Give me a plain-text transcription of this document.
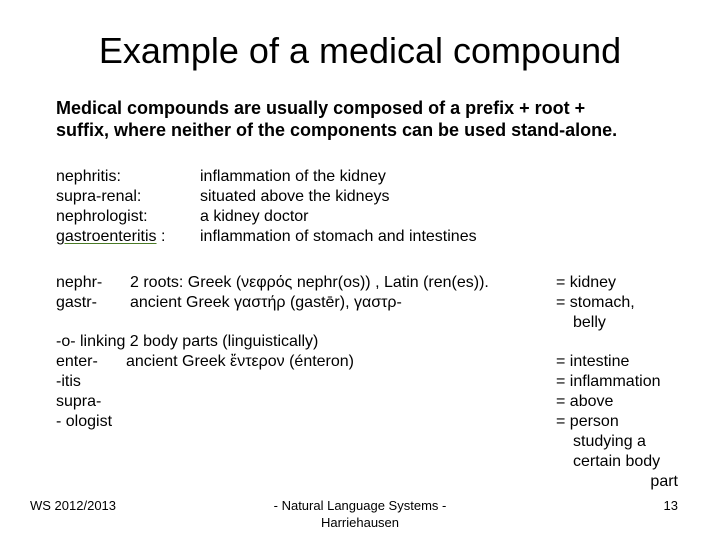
Example of a medical compound
Medical compounds are usually composed of a prefix + root +
suffix, where neither of the components can be used stand-alone.
nephritis:
supra-renal:
nephrologist:
gastroenteritis :
inflammation of the kidney
situated above the kidneys
a kidney doctor
inflammation of stomach and intestines
nephr-
gastr-
2 roots: Greek (νεφρός nephr(os)) , Latin (ren(es)).
ancient Greek γαστήρ (gastēr), γαστρ-
= kidney
= stomach,
belly
-o- linking 2 body parts (linguistically)
enter-
-itis
supra-
- ologist
ancient Greek ἔντερον (énteron)	= intestine
= inflammation
= above
= person
studying a
certain body
part
WS 2012/2013	- Natural Language Systems - Harriehausen
13
